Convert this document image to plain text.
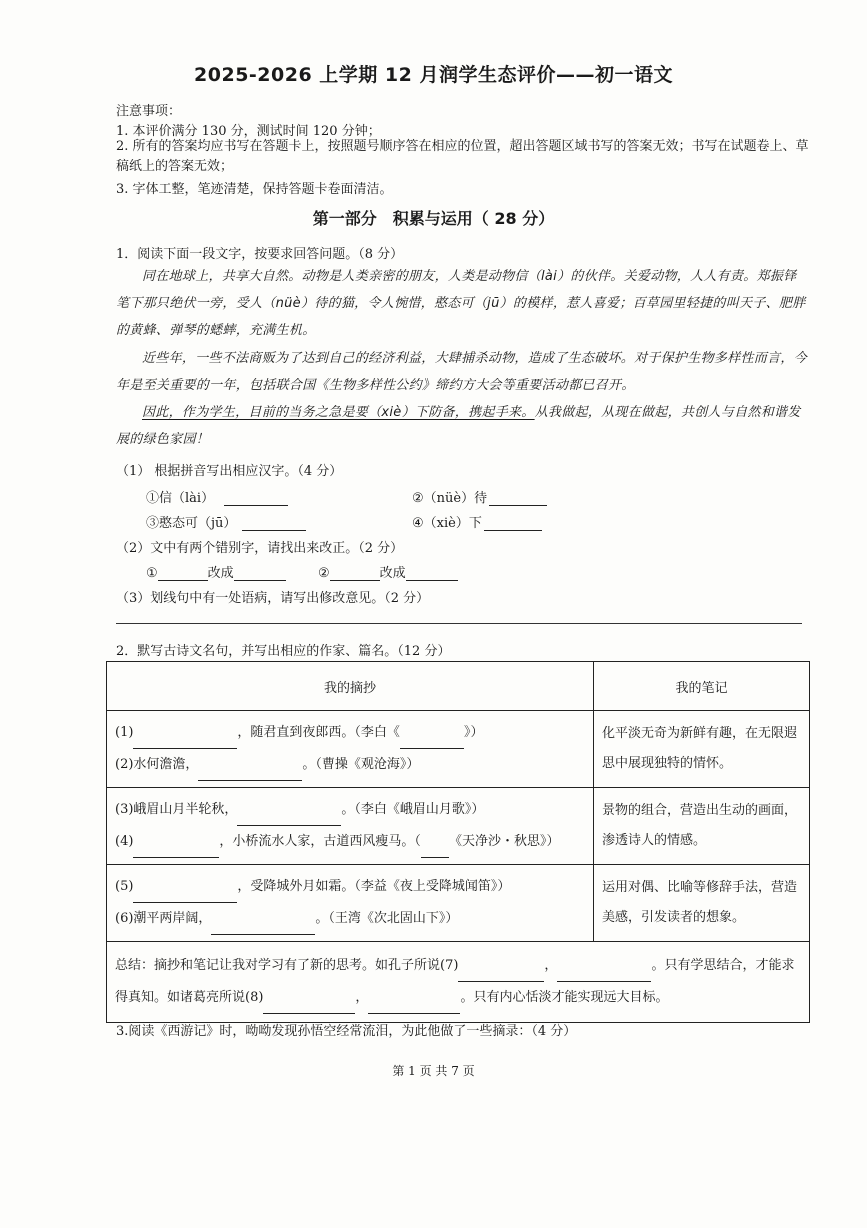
2025-2026 上学期 12 月润学生态评价——初一语文
注意事项：
1. 本评价满分 130 分，测试时间 120 分钟；
2. 所有的答案均应书写在答题卡上，按照题号顺序答在相应的位置，超出答题区域书写的答案无效；书写在试题卷上、草稿纸上的答案无效；
3. 字体工整，笔迹清楚，保持答题卡卷面清洁。
第一部分　积累与运用（ 28 分）
1．阅读下面一段文字，按要求回答问题。（8 分）
同在地球上，共享大自然。动物是人类亲密的朋友，人类是动物信（lài）的伙伴。关爱动物，人人有责。郑振铎笔下那只绝伏一旁，受人（nüè）待的猫，令人惋惜，憨态可（jū）的模样，惹人喜爱；百草园里轻捷的叫天子、肥胖的黄蜂、弹琴的蟋蟀，充满生机。
近些年，一些不法商贩为了达到自己的经济利益，大肆捕杀动物，造成了生态破坏。对于保护生物多样性而言，今年是至关重要的一年，包括联合国《生物多样性公约》缔约方大会等重要活动都已召开。
因此，作为学生，目前的当务之急是要（xiè）下防备，携起手来。从我做起，从现在做起，共创人与自然和谐发展的绿色家园！
（1） 根据拼音写出相应汉字。（4 分）
①信（lài）	②（nüè）待
③憨态可（jū）	④（xiè）下
（2）文中有两个错别字，请找出来改正。（2 分）
①	改成	②	改成
（3）划线句中有一处语病，请写出修改意见。（2 分）
2．默写古诗文名句，并写出相应的作家、篇名。（12 分）
我的摘抄	我的笔记

(1) ，随君直到夜郎西。（李白《 》）
(2)水何澹澹， 。（曹操《观沧海》）	化平淡无奇为新鲜有趣，在无限遐思中展现独特的情怀。

(3)峨眉山月半轮秋， 。（李白《峨眉山月歌》）
(4) ，小桥流水人家，古道西风瘦马。（ 《天净沙・秋思》）	景物的组合，营造出生动的画面，渗透诗人的情感。

(5) ，受降城外月如霜。（李益《夜上受降城闻笛》）
(6)潮平两岸阔， 。（王湾《次北固山下》）	运用对偶、比喻等修辞手法，营造美感，引发读者的想象。
总结：摘抄和笔记让我对学习有了新的思考。如孔子所说(7) ， 。只有学思结合，才能求得真知。如诸葛亮所说(8) ， 。只有内心恬淡才能实现远大目标。	
3.阅读《西游记》时，呦呦发现孙悟空经常流泪，为此他做了一些摘录：（4 分）
第 1 页 共 7 页
